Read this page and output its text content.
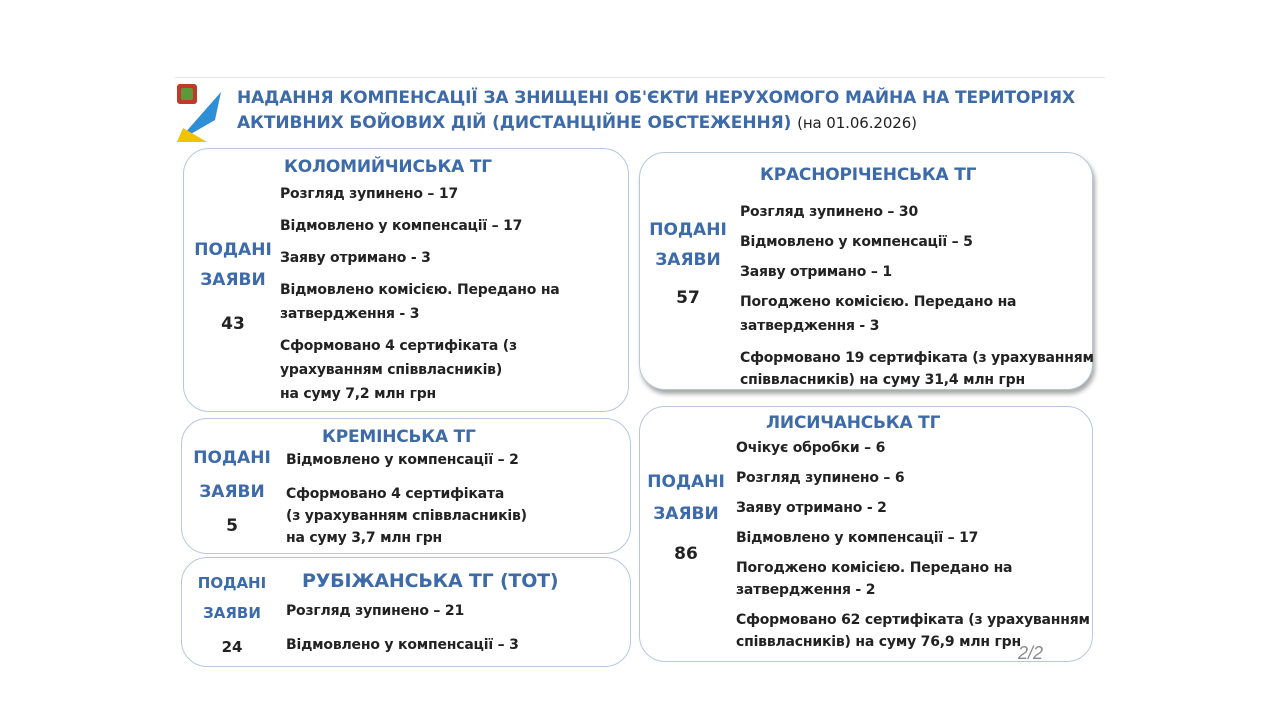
НАДАННЯ КОМПЕНСАЦІЇ ЗА ЗНИЩЕНІ ОБ'ЄКТИ НЕРУХОМОГО МАЙНА НА ТЕРИТОРІЯХ
АКТИВНИХ БОЙОВИХ ДІЙ (ДИСТАНЦІЙНЕ ОБСТЕЖЕННЯ) (на 01.06.2026)
КОЛОМИЙЧИСЬКА ТГ
ПОДАНІ
ЗАЯВИ
43
Розгляд зупинено – 17
Відмовлено у компенсації – 17
Заяву отримано - 3
Відмовлено комісією. Передано на
затвердження - 3
Сформовано 4 сертифіката (з
урахуванням співвласників)
на суму 7,2 млн грн
КРЕМІНСЬКА ТГ
ПОДАНІ
ЗАЯВИ
5
Відмовлено у компенсації – 2
Сформовано 4 сертифіката
(з урахуванням співвласників)
на суму 3,7 млн грн
РУБІЖАНСЬКА ТГ (ТОТ)
ПОДАНІ
ЗАЯВИ
24
Розгляд зупинено – 21
Відмовлено у компенсації – 3
КРАСНОРІЧЕНСЬКА ТГ
ПОДАНІ
ЗАЯВИ
57
Розгляд зупинено – 30
Відмовлено у компенсації – 5
Заяву отримано – 1
Погоджено комісією. Передано на
затвердження - 3
Сформовано 19 сертифіката (з урахуванням
співвласників) на суму 31,4 млн грн
ЛИСИЧАНСЬКА ТГ
ПОДАНІ
ЗАЯВИ
86
Очікує обробки – 6
Розгляд зупинено – 6
Заяву отримано - 2
Відмовлено у компенсації – 17
Погоджено комісією. Передано на
затвердження - 2
Сформовано 62 сертифіката (з урахуванням
співвласників) на суму 76,9 млн грн
2/2
